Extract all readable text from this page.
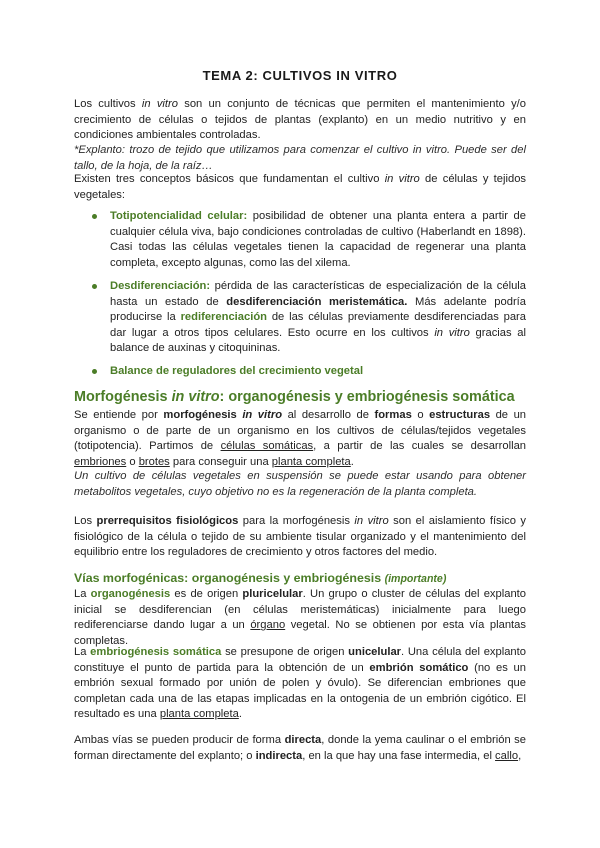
TEMA 2: CULTIVOS IN VITRO

Los cultivos in vitro son un conjunto de técnicas que permiten el mantenimiento y/o crecimiento de células o tejidos de plantas (explanto) en un medio nutritivo y en condiciones ambientales controladas.

*Explanto: trozo de tejido que utilizamos para comenzar el cultivo in vitro. Puede ser del tallo, de la hoja, de la raíz…

Existen tres conceptos básicos que fundamentan el cultivo in vitro de células y tejidos vegetales:

Totipotencialidad celular: posibilidad de obtener una planta entera a partir de cualquier célula viva, bajo condiciones controladas de cultivo (Haberlandt en 1898). Casi todas las células vegetales tienen la capacidad de regenerar una planta completa, excepto algunas, como las del xilema.

Desdiferenciación: pérdida de las características de especialización de la célula hasta un estado de desdiferenciación meristemática. Más adelante podría producirse la rediferenciación de las células previamente desdiferenciadas para dar lugar a otros tipos celulares. Esto ocurre en los cultivos in vitro gracias al balance de auxinas y citoquininas.

Balance de reguladores del crecimiento vegetal

Morfogénesis in vitro: organogénesis y embriogénesis somática

Se entiende por morfogénesis in vitro al desarrollo de formas o estructuras de un organismo o de parte de un organismo en los cultivos de células/tejidos vegetales (totipotencia). Partimos de células somáticas, a partir de las cuales se desarrollan embriones o brotes para conseguir una planta completa.

Un cultivo de células vegetales en suspensión se puede estar usando para obtener metabolitos vegetales, cuyo objetivo no es la regeneración de la planta completa.

Los prerrequisitos fisiológicos para la morfogénesis in vitro son el aislamiento físico y fisiológico de la célula o tejido de su ambiente tisular organizado y el mantenimiento del equilibrio entre los reguladores de crecimiento y otros factores del medio.

Vías morfogénicas: organogénesis y embriogénesis (importante)

La organogénesis es de origen pluricelular. Un grupo o cluster de células del explanto inicial se desdiferencian (en células meristemáticas) inicialmente para luego rediferenciarse dando lugar a un órgano vegetal. No se obtienen por esta vía plantas completas.

La embriogénesis somática se presupone de origen unicelular. Una célula del explanto constituye el punto de partida para la obtención de un embrión somático (no es un embrión sexual formado por unión de polen y óvulo). Se diferencian embriones que completan cada una de las etapas implicadas en la ontogenia de un embrión cigótico. El resultado es una planta completa.

Ambas vías se pueden producir de forma directa, donde la yema caulinar o el embrión se forman directamente del explanto; o indirecta, en la que hay una fase intermedia, el callo,
